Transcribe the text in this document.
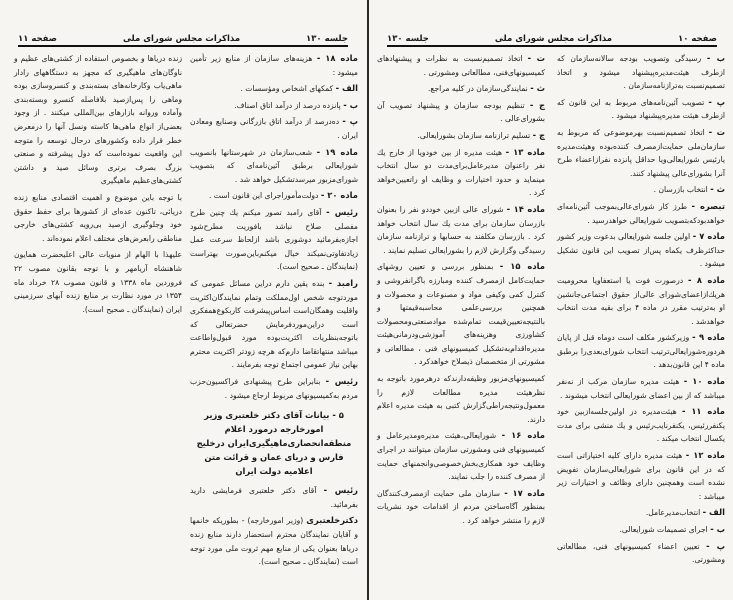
صفحه ۱۱	مذاکرات مجلس شورای ملی	جلسه ۱۳۰

ماده ۱۸ - هزینه‌های سازمان از منابع زیر تأمین میشود :

الف - کمکهای اشخاص ومؤسسات .

ب - پانزده درصد از درآمد اتاق اصناف.

پ - ده‌درصد از درآمد اتاق بازرگانی وصنایع ومعادن ایران .

ماده ۱۹ - شعب‌سازمان در شهرستانها بانصویب شورایعالی برطبق آئین‌نامه‌ای که بتصویب شورای‌مزبور میرسدتشکیل خواهد شد .

ماده ۲۰ - دولت‌مأموراجرای این قانون است .

رئیس - آقای رامبد تصور میکنم یك چنین طرح مفصلی صلاح نباشد بافوریت مطرح‌شود اجازه‌بفرمائید دوشوری باشد ازلحاظ سرعت عمل زیادتفاوتی‌نمیکند خیال میکنم‌باین‌صورت بهتراست (نمایندگان ـ صحیح است).

رامبد - بنده یقین دارم دراین مسائل عمومی که موردتوجه شخص اول‌مملکت وتمام نمایندگان‌اکثریت واقلیت وهمگان‌است اساس‌پیشرفت کاربکوع‌همفکری است دراین‌موردفرمایش حضرتعالی که باتوجه‌بنظریات اکثریت‌بوده مورد قبول‌واطاعت میباشد منتهاتقاضا دارم‌که هرچه زودتر اکثریت محترم بهاین نیاز عمومی اجتماع توجه بفرمایند .

رئیس - بنابراین طرح پیشنهادی فراکسیون‌حزب مردم به‌کمیسیونهای مربوط ارجاع میشود .

۵ - بیانات آقای دکتر خلعتبری وزیر امورخارجه درمورد اعلام منطقه‌انحصاری‌ماهیگیری‌ایران درخلیج فارس و دریای عمان و قرائت متن اعلامیه دولت ایران

رئیس - آقای دکتر خلعتبری فرمایشی دارید بفرمائید.

دکترخلعتبری (وزیر امورخارجه) - بطوریکه خانمها و آقایان نمایندگان محترم استحضار دارند منابع زنده دریاها بعنوان یکی از منابع مهم ثروت ملی مورد توجه است (نمایندگان ـ صحیح است).

زنده دریاها و بخصوص استفاده از کشتی‌های عظیم و ناوگان‌های ماهیگیری که مجهز به دستگاههای رادار ماهی‌یاب وکارخانه‌های بسته‌بندی و کنسروسازی بوده وماهی را پس‌ازصید بلافاصله کنسرو وبسته‌بندی وآماده وروانه بازارهای بین‌المللی میکنند . از وجود بعضی‌از انواع ماهی‌ها کاسته ونسل آنها را درمعرض خطر قرار داده وکشورهای درحال توسعه را متوجه این واقعیت نموده‌است که دول پیشرفته و صنعتی بزرگ بصرف برتری وسائل صید و داشتن کشتی‌های‌عظیم ماهیگیری

با توجه باین موضوع و اهمیت اقتصادی منابع زنده دریائی، تاکنون عده‌ای از کشورها برای حفظ حقوق خود وجلوگیری ازصید بی‌رویه کشتی‌های خارجی مناطقی رابعرض‌های مختلف اعلام نموده‌اند .

علیهذا با الهام از منویات عالی اعلیحضرت همایون شاهنشاه آریامهر و با توجه بقانون مصوب ۲۲ فروردین ماه ۱۳۳۸ و قانون مصوب ۲۸ خرداد ماه ۱۳۵۴ در مورد نظارت بر منابع زنده آبهای سرزمینی ایران (نمایندگان ـ صحیح است).

جلسه ۱۳۰	مذاکرات مجلس شورای ملی	صفحه ۱۰

ب - رسیدگی وتصویب بودجه سالانه‌سازمان که ازطرف هیئت‌مدیره‌پیشنهاد میشود و اتخاذ تصمیم‌نسبت به‌ترازنامه‌سازمان .

پ - تصویب آئین‌نامه‌های مربوط به این قانون که ازطرف هیئت مدیره‌پیشنهاد میشود .

ت - اتخاذ تصمیم‌نسبت بهرموضوعی که مربوط به سازمان‌ملی حمایت‌ازمصرف کننده‌بوده وهیئت‌مدیره یارئیس شورایعالی‌ویا حداقل پانزده نفرازاعضاء طرح آنرا بشورای‌عالی پیشنهاد کنند.

ث - انتخاب بازرسان .

تبصره - طرز کار شورای‌عالی‌بموجب آئین‌نامه‌ای خواهدبودکه‌بتصویب شورایعالی خواهدرسید .

ماده ۷ - اولین جلسه شورایعالی بدعوت وزیر کشور حداکثرظرف یکماه پس‌از تصویب این قانون تشکیل میشود .

ماده ۸ - درصورت فوت یا استعفاویا محرومیت هریك‌ازاعضای‌شورای عالی‌از حقوق اجتماعی‌جانشین او به‌ترتیب مقرر در ماده ۴ برای بقیه مدت انتخاب خواهدشد .

ماده ۹ - وزیرکشور مکلف است دوماه قبل از پایان هردوره‌شورایعالی‌ترتیب انتخاب شورای‌بعدی‌را برطبق ماده ۴ این قانون‌بدهد .

ماده ۱۰ - هیئت مدیره سازمان مرکب از نه‌نفر میباشد که از بین اعضای شورایعالی انتخاب میشوند .

ماده ۱۱ - هیئت‌مدیره در اولین‌جلسه‌ازبین خود یکنفررئیس، یکنفرنایب‌رئیس و یك منشی برای مدت یکسال انتخاب میکند .

ماده ۱۲ - هیئت مدیره دارای کلیه اختیاراتی است که در این قانون برای شورایعالی‌سازمان تفویض نشده است وهمچنین دارای وظائف و اختیارات زیر میباشد :

الف - انتخاب‌مدیرعامل.

ب - اجرای تصمیمات شورایعالی.

پ - تعیین اعضاء کمیسیونهای فنی، مطالعاتی ومشورتی.

ت - اتخاذ تصمیم‌نسبت به نظرات و پیشنهادهای کمیسیونهای‌فنی، مطالعاتی ومشورتی .

ث - نمایندگی‌سازمان در کلیه مراجع.

ج - تنظیم بودجه سازمان و پیشنهاد تصویب آن بشورای‌عالی .

چ - تسلیم ترازنامه سازمان بشورایعالی.

ماده ۱۳ - هیئت مدیره از بین خودویا از خارج یك نفر راعنوان مدیرعامل‌برای‌مدت دو سال انتخاب مینماید و حدود اختیارات و وظایف او راتعیین‌خواهد کرد .

ماده ۱۴ - شورای عالی ازبین خوددو نفر را بعنوان بازرسان سازمان برای مدت یك سال انتخاب خواهد کرد . بازرسان مکلفند به حسابها و ترازنامه سازمان رسیدگی وگزارش لازم را بشورایعالی تسلیم نمایند .

ماده ۱۵ - بمنظور بررسی و تعیین روشهای حمایت‌کامل ازمصرف کننده ومبارزه باگرانفروشی و کنترل کمی وکیفی مواد و مصنوعات و محصولات و همچنین بررسی‌علمی محاسبه‌قیمتها و بالنتیجه‌تعیین‌قیمت تمام‌شده موادصنعتی‌ومحصولات کشاورزی وهزینه‌های آموزشی‌ودرمانی‌هیئت مدیره‌اقدام‌به‌تشکیل کمیسیونهای فنی ، مطالعاتی و مشورتی از متخصصان ذیصلاح خواهدکرد .

کمیسیونهای‌مزبور وظیفه‌دارندکه درهرمورد باتوجه به نظرهیئت مدیره مطالعات لازم را معمول‌ونتیجه‌را‌طی‌گزارش کتبی به هیئت مدیره اعلام دارند.

ماده ۱۶ - شورایعالی،هیئت مدیره‌ومدیرعامل و کمیسیونهای فنی ومشورتی سازمان میتوانند در اجرای وظایف خود همکاری‌بخش‌خصوصی‌وانجمنهای حمایت از مصرف کننده را جلب نمایند.

ماده ۱۷ - سازمان ملی حمایت ازمصرف‌کنندگان بمنظور آگاه‌ساختن مردم از اقدامات خود نشریات لازم را منتشر خواهد کرد .
